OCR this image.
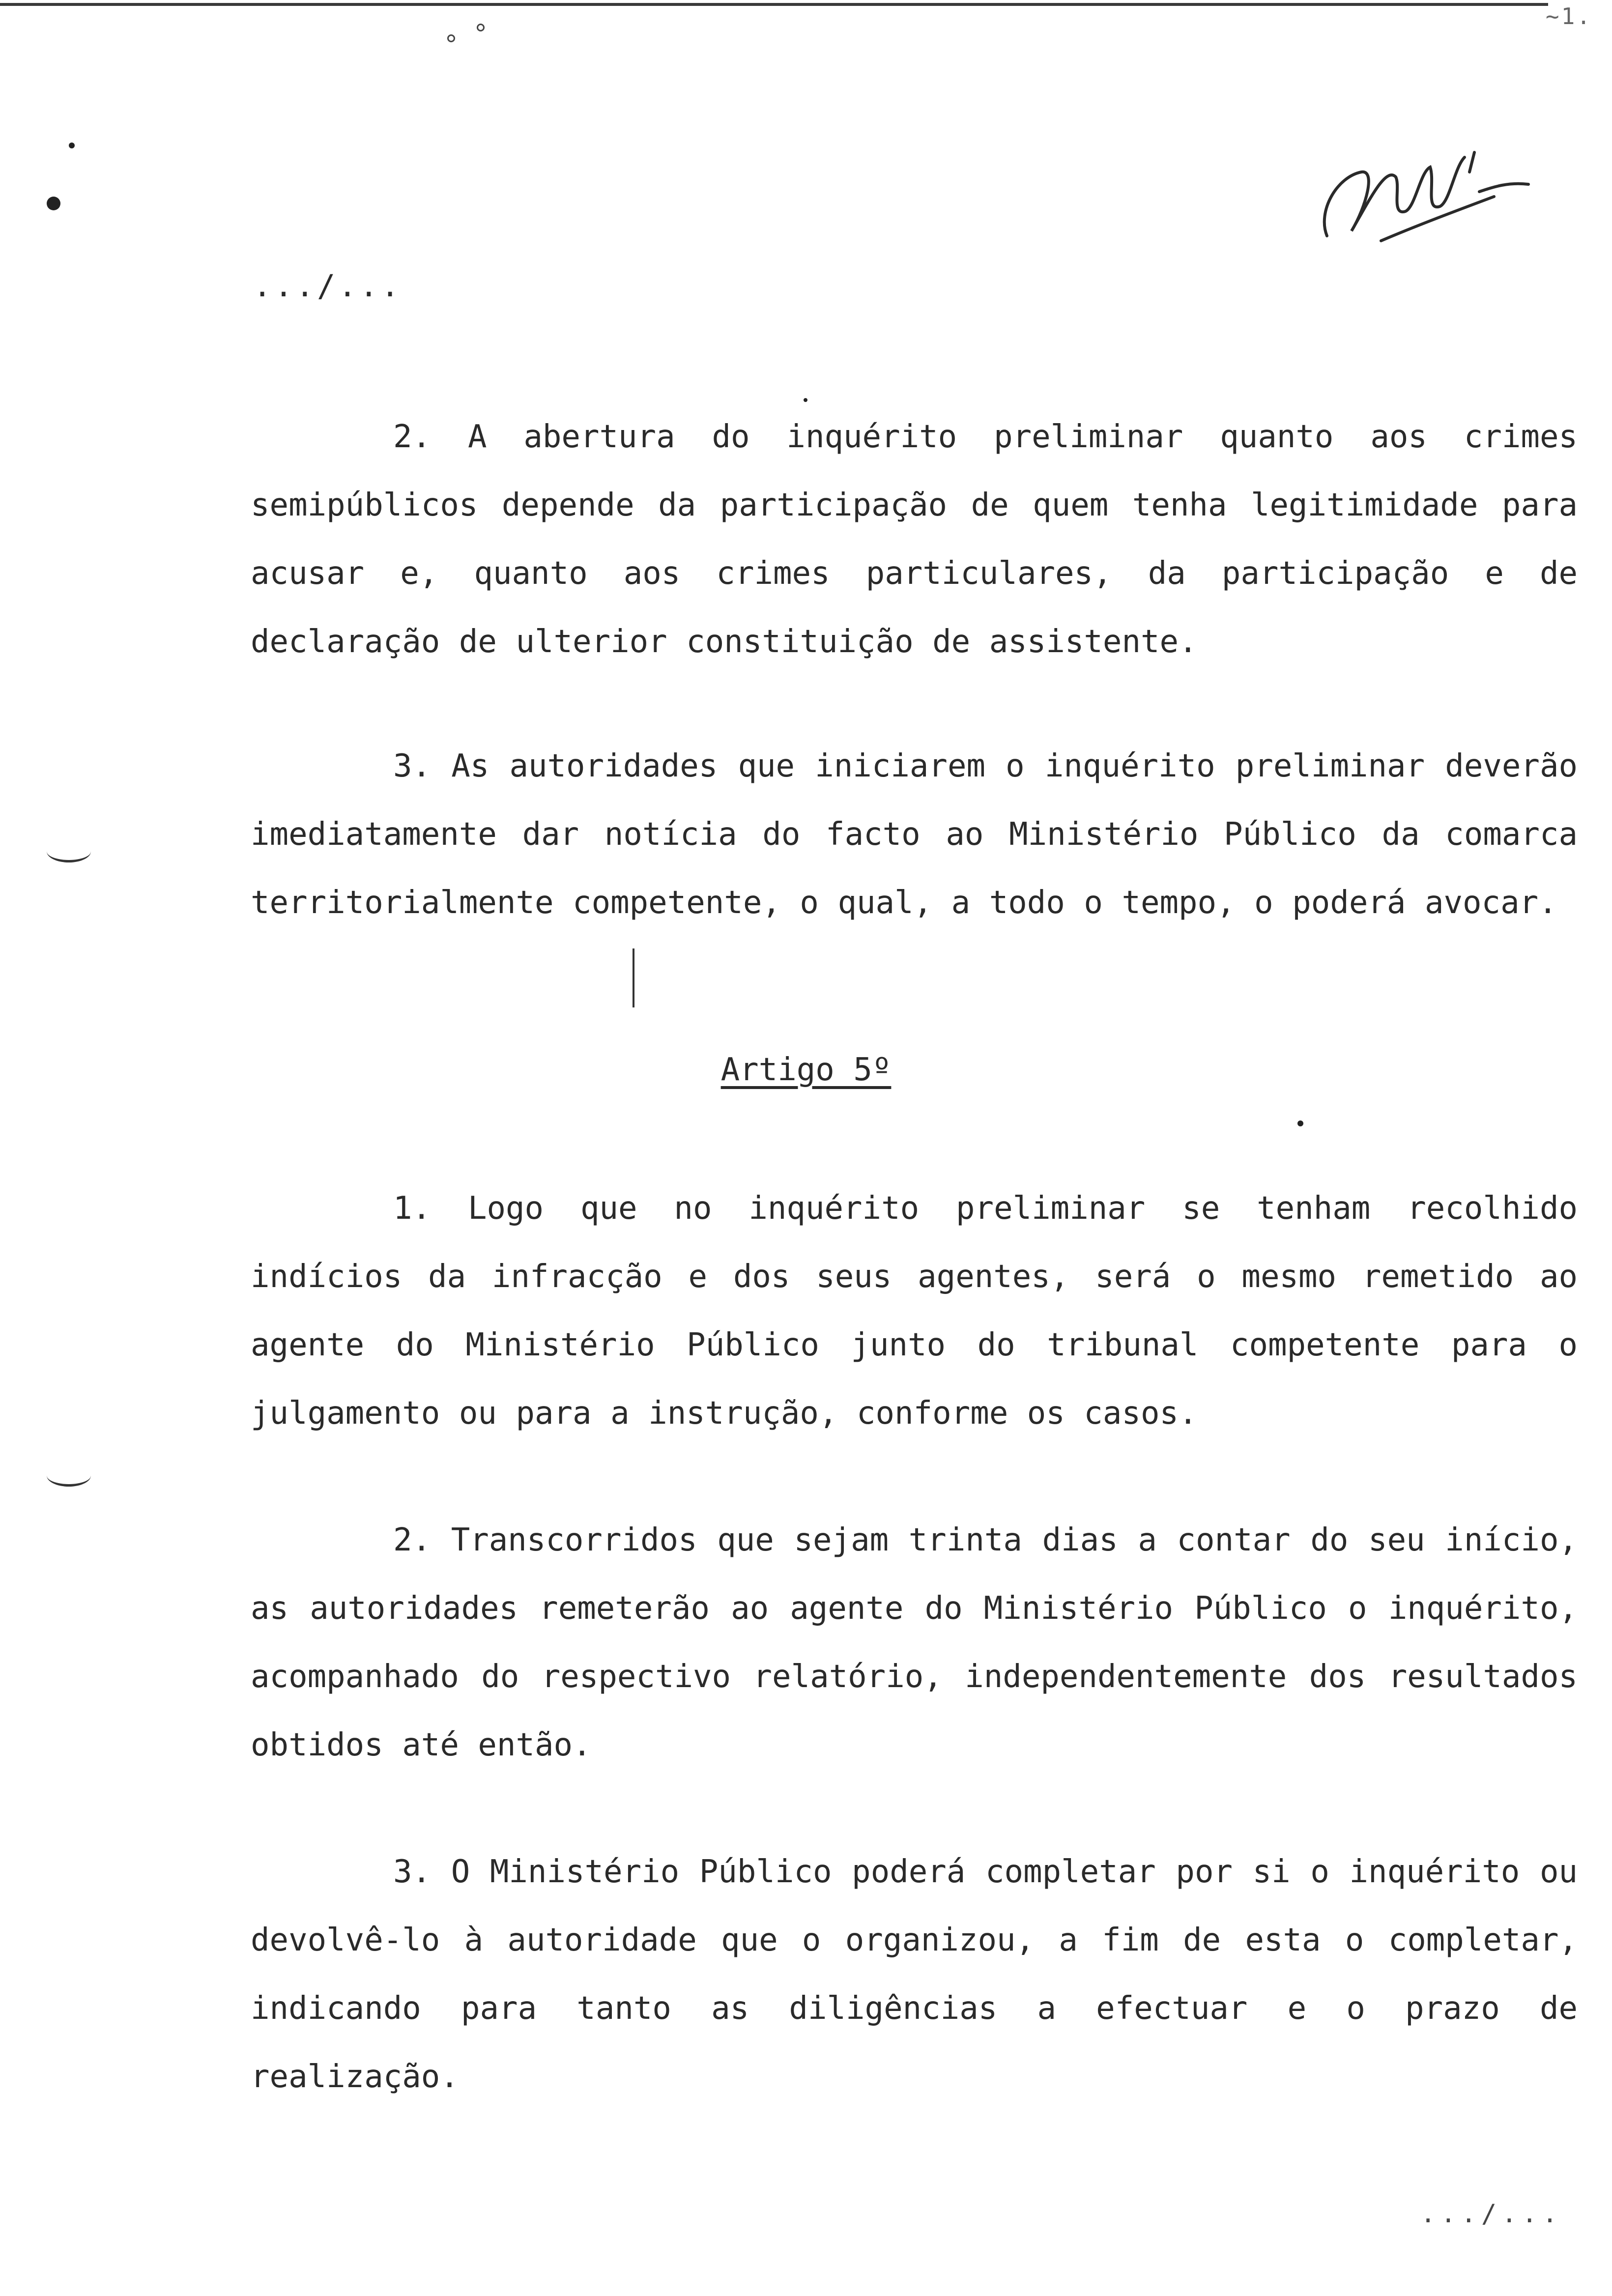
~1.
.../...

2. A abertura do inquérito preliminar quanto aos crimes semipúblicos depende da participação de quem tenha legitimidade para acusar e, quanto aos crimes particulares, da participação e de declaração de ulterior constituição de assistente.

3. As autoridades que iniciarem o inquérito preliminar deverão imediatamente dar notícia do facto ao Ministério Público da comarca territorialmente competente, o qual, a todo o tempo, o poderá avocar.

Artigo 5º

1. Logo que no inquérito preliminar se tenham recolhido indícios da infracção e dos seus agentes, será o mesmo remetido ao agente do Ministério Público junto do tribunal competente para o julgamento ou para a instrução, conforme os casos.

2. Transcorridos que sejam trinta dias a contar do seu início, as autoridades remeterão ao agente do Ministério Público o inquérito, acompanhado do respectivo relatório, independentemente dos resultados obtidos até então.

3. O Ministério Público poderá completar por si o inquérito ou devolvê-lo à autoridade que o organizou, a fim de esta o completar, indicando para tanto as diligências a efectuar e o prazo de realização.

.../...
